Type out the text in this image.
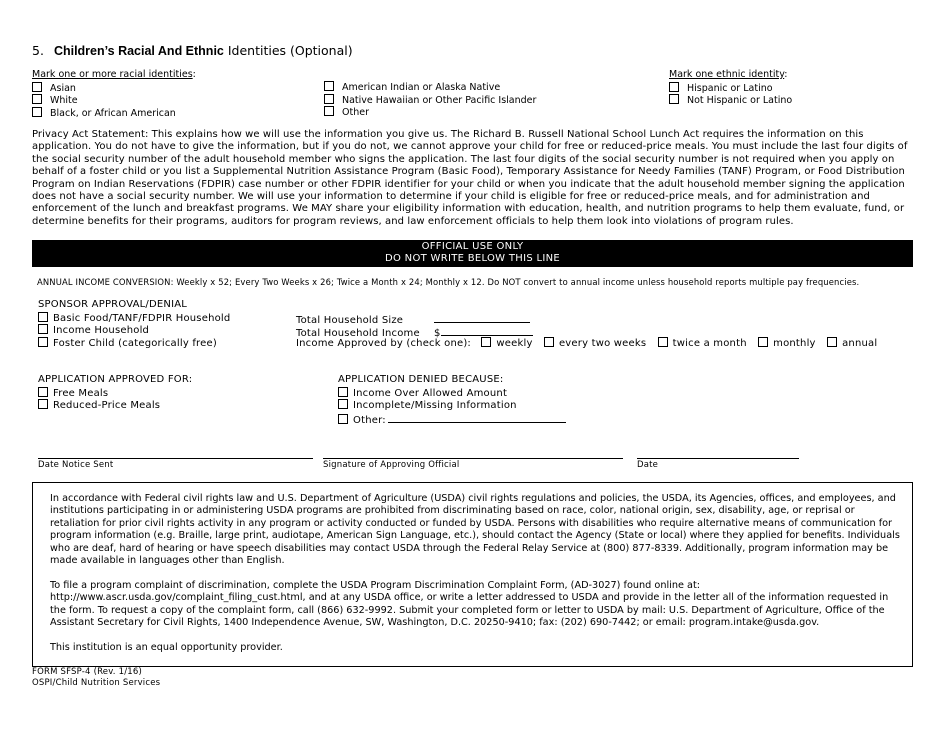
5. Children’s Racial And Ethnic Identities (Optional)
Mark one or more racial identities:
Asian
White
Black, or African American
American Indian or Alaska Native
Native Hawaiian or Other Pacific Islander
Other
Mark one ethnic identity:
Hispanic or Latino
Not Hispanic or Latino
Privacy Act Statement: This explains how we will use the information you give us. The Richard B. Russell National School Lunch Act requires the information on this application. You do not have to give the information, but if you do not, we cannot approve your child for free or reduced-price meals. You must include the last four digits of the social security number of the adult household member who signs the application. The last four digits of the social security number is not required when you apply on behalf of a foster child or you list a Supplemental Nutrition Assistance Program (Basic Food), Temporary Assistance for Needy Families (TANF) Program, or Food Distribution Program on Indian Reservations (FDPIR) case number or other FDPIR identifier for your child or when you indicate that the adult household member signing the application does not have a social security number. We will use your information to determine if your child is eligible for free or reduced-price meals, and for administration and enforcement of the lunch and breakfast programs. We MAY share your eligibility information with education, health, and nutrition programs to help them evaluate, fund, or determine benefits for their programs, auditors for program reviews, and law enforcement officials to help them look into violations of program rules.
OFFICIAL USE ONLY
DO NOT WRITE BELOW THIS LINE
ANNUAL INCOME CONVERSION: Weekly x 52; Every Two Weeks x 26; Twice a Month x 24; Monthly x 12. Do NOT convert to annual income unless household reports multiple pay frequencies.
SPONSOR APPROVAL/DENIAL
Basic Food/TANF/FDPIR Household
Income Household
Foster Child (categorically free)
Total Household Size
Total Household Income $
Income Approved by (check one):	weekly	every two weeks	twice a month	monthly	annual
APPLICATION APPROVED FOR:
Free Meals
Reduced-Price Meals
APPLICATION DENIED BECAUSE:
Income Over Allowed Amount
Incomplete/Missing Information
Other:
Date Notice Sent	Signature of Approving Official	Date

In accordance with Federal civil rights law and U.S. Department of Agriculture (USDA) civil rights regulations and policies, the USDA, its Agencies, offices, and employees, and institutions participating in or administering USDA programs are prohibited from discriminating based on race, color, national origin, sex, disability, age, or reprisal or retaliation for prior civil rights activity in any program or activity conducted or funded by USDA. Persons with disabilities who require alternative means of communication for program information (e.g. Braille, large print, audiotape, American Sign Language, etc.), should contact the Agency (State or local) where they applied for benefits. Individuals who are deaf, hard of hearing or have speech disabilities may contact USDA through the Federal Relay Service at (800) 877-8339. Additionally, program information may be made available in languages other than English.

To file a program complaint of discrimination, complete the USDA Program Discrimination Complaint Form, (AD-3027) found online at: http://www.ascr.usda.gov/complaint_filing_cust.html, and at any USDA office, or write a letter addressed to USDA and provide in the letter all of the information requested in the form. To request a copy of the complaint form, call (866) 632-9992. Submit your completed form or letter to USDA by mail: U.S. Department of Agriculture, Office of the Assistant Secretary for Civil Rights, 1400 Independence Avenue, SW, Washington, D.C. 20250-9410; fax: (202) 690-7442; or email: program.intake@usda.gov.

This institution is an equal opportunity provider.

FORM SFSP-4 (Rev. 1/16)
OSPI/Child Nutrition Services
